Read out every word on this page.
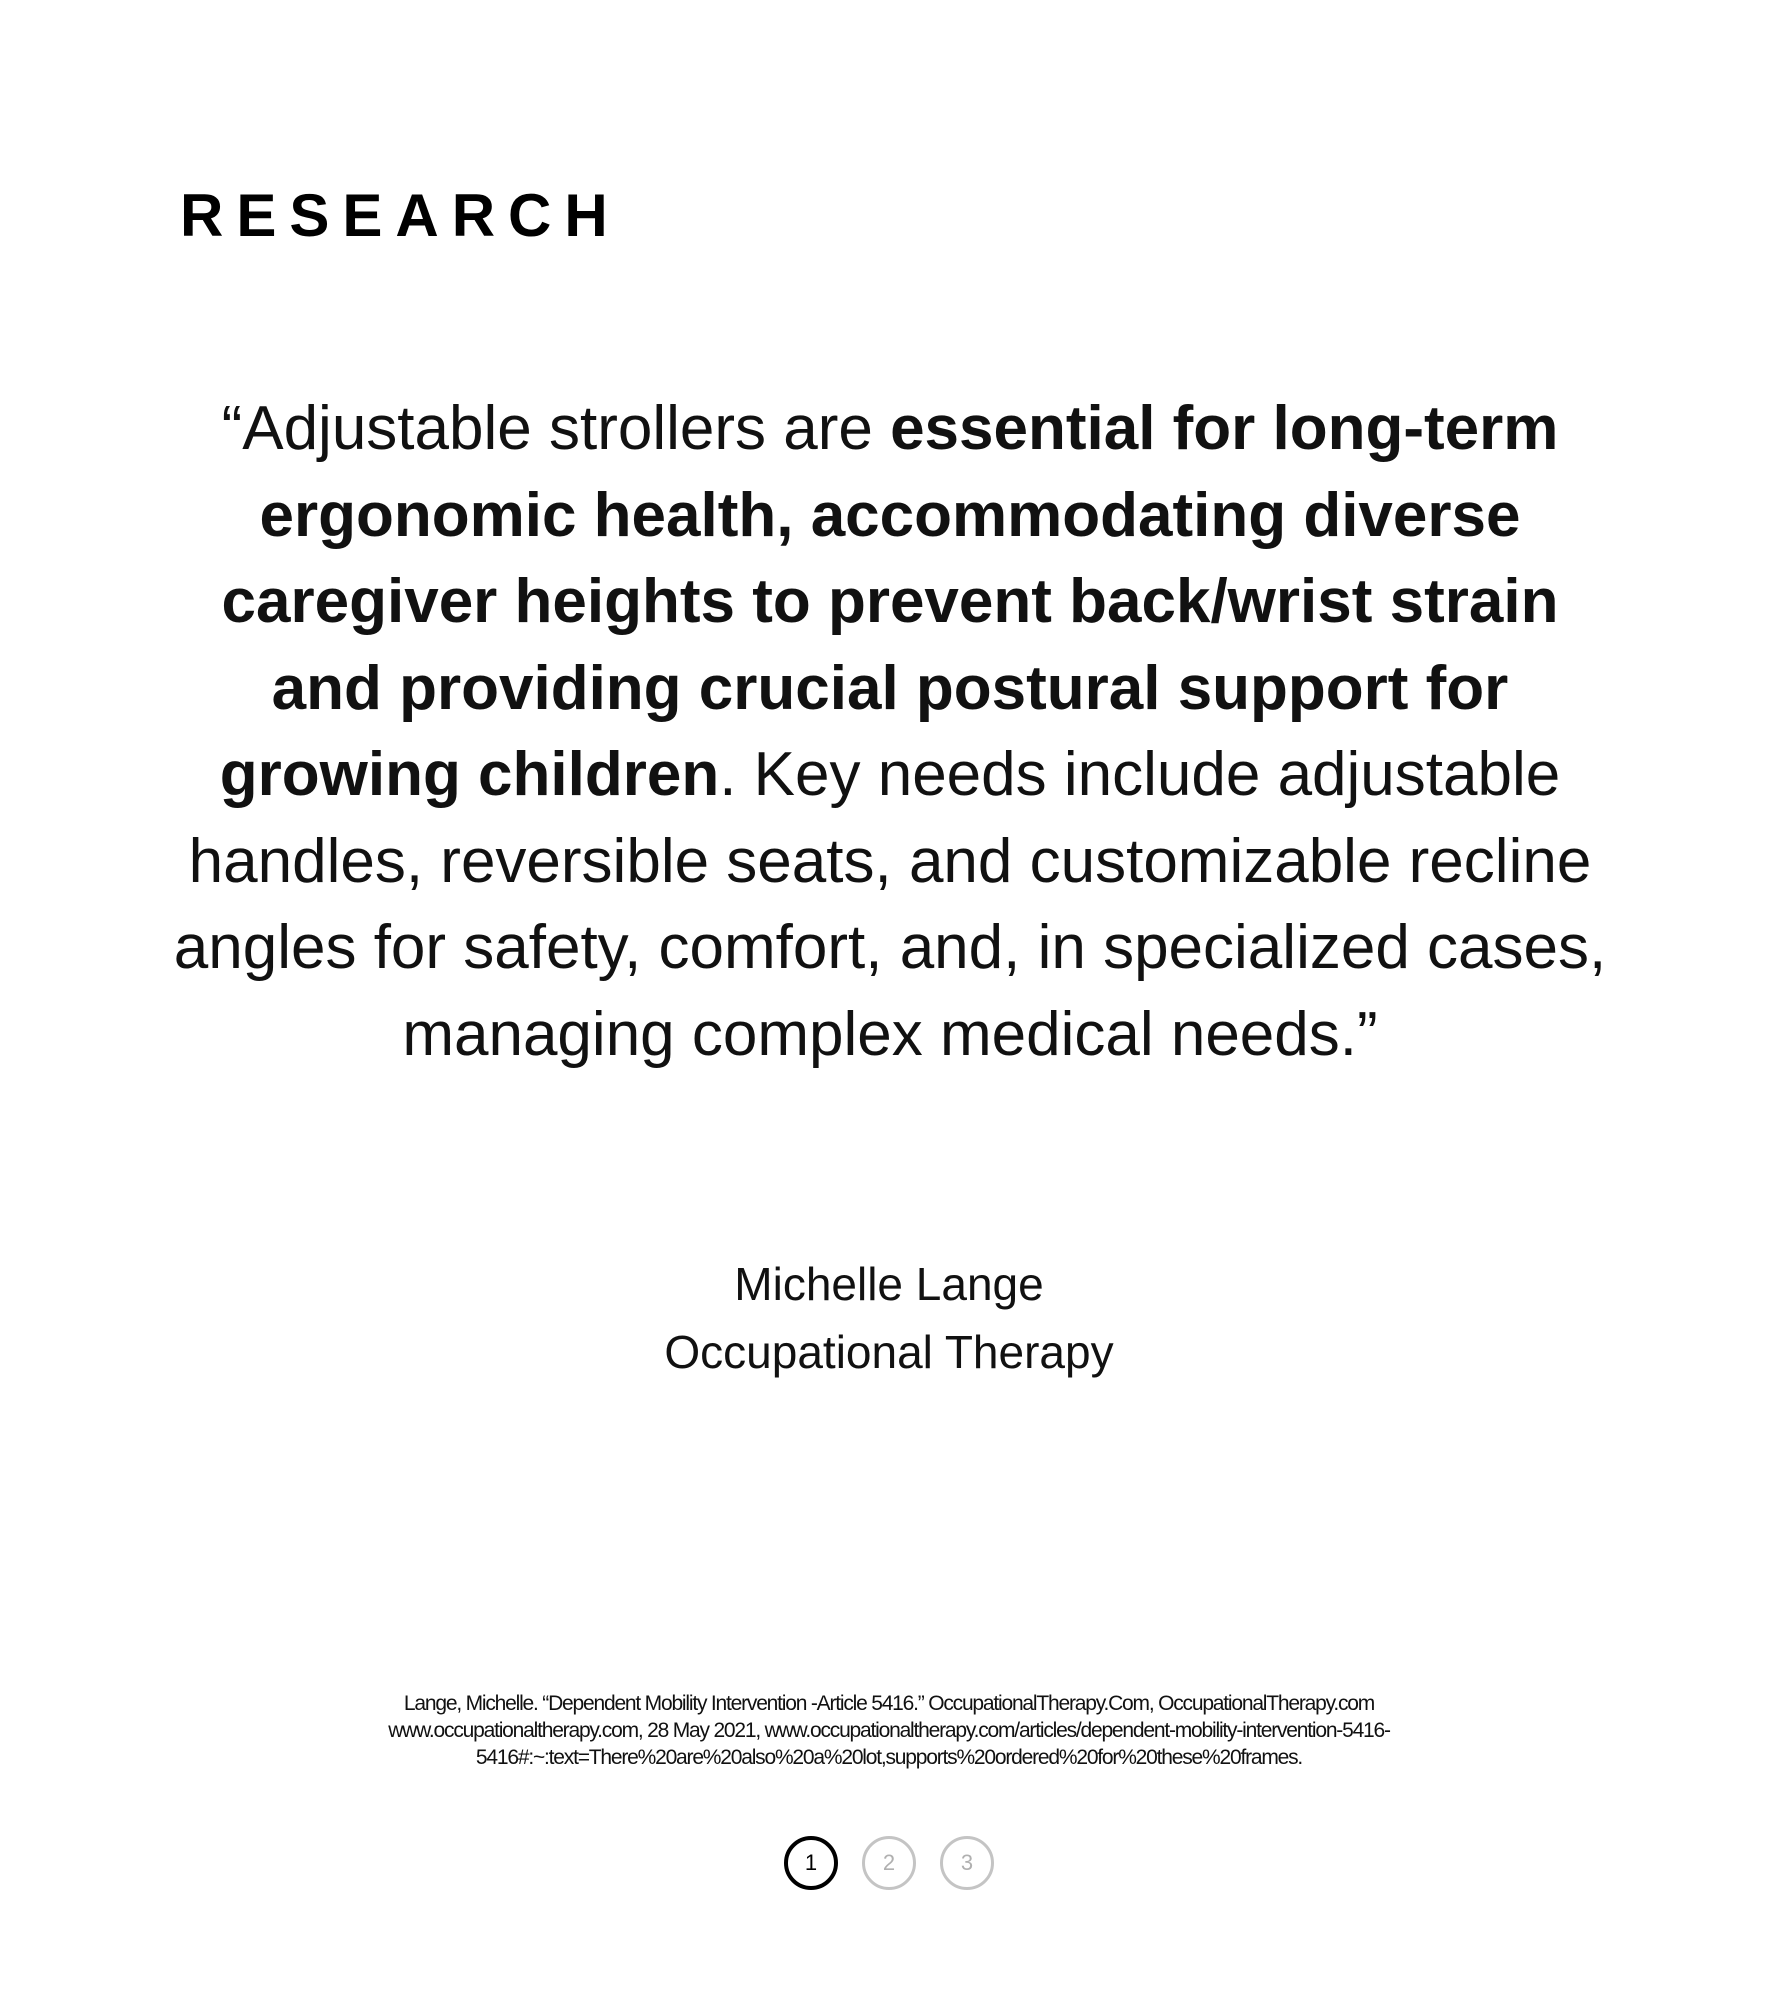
RESEARCH

“Adjustable strollers are essential for long-term ergonomic health, accommodating diverse caregiver heights to prevent back/wrist strain and providing crucial postural support for growing children. Key needs include adjustable handles, reversible seats, and customizable recline angles for safety, comfort, and, in specialized cases, managing complex medical needs.”

Michelle Lange
Occupational Therapy
Lange, Michelle. “Dependent Mobility Intervention -Article 5416.” OccupationalTherapy.Com, OccupationalTherapy.com
www.occupationaltherapy.com, 28 May 2021, www.occupationaltherapy.com/articles/dependent-mobility-intervention-5416-
5416#:~:text=There%20are%20also%20a%20lot,supports%20ordered%20for%20these%20frames.
1	2	3
